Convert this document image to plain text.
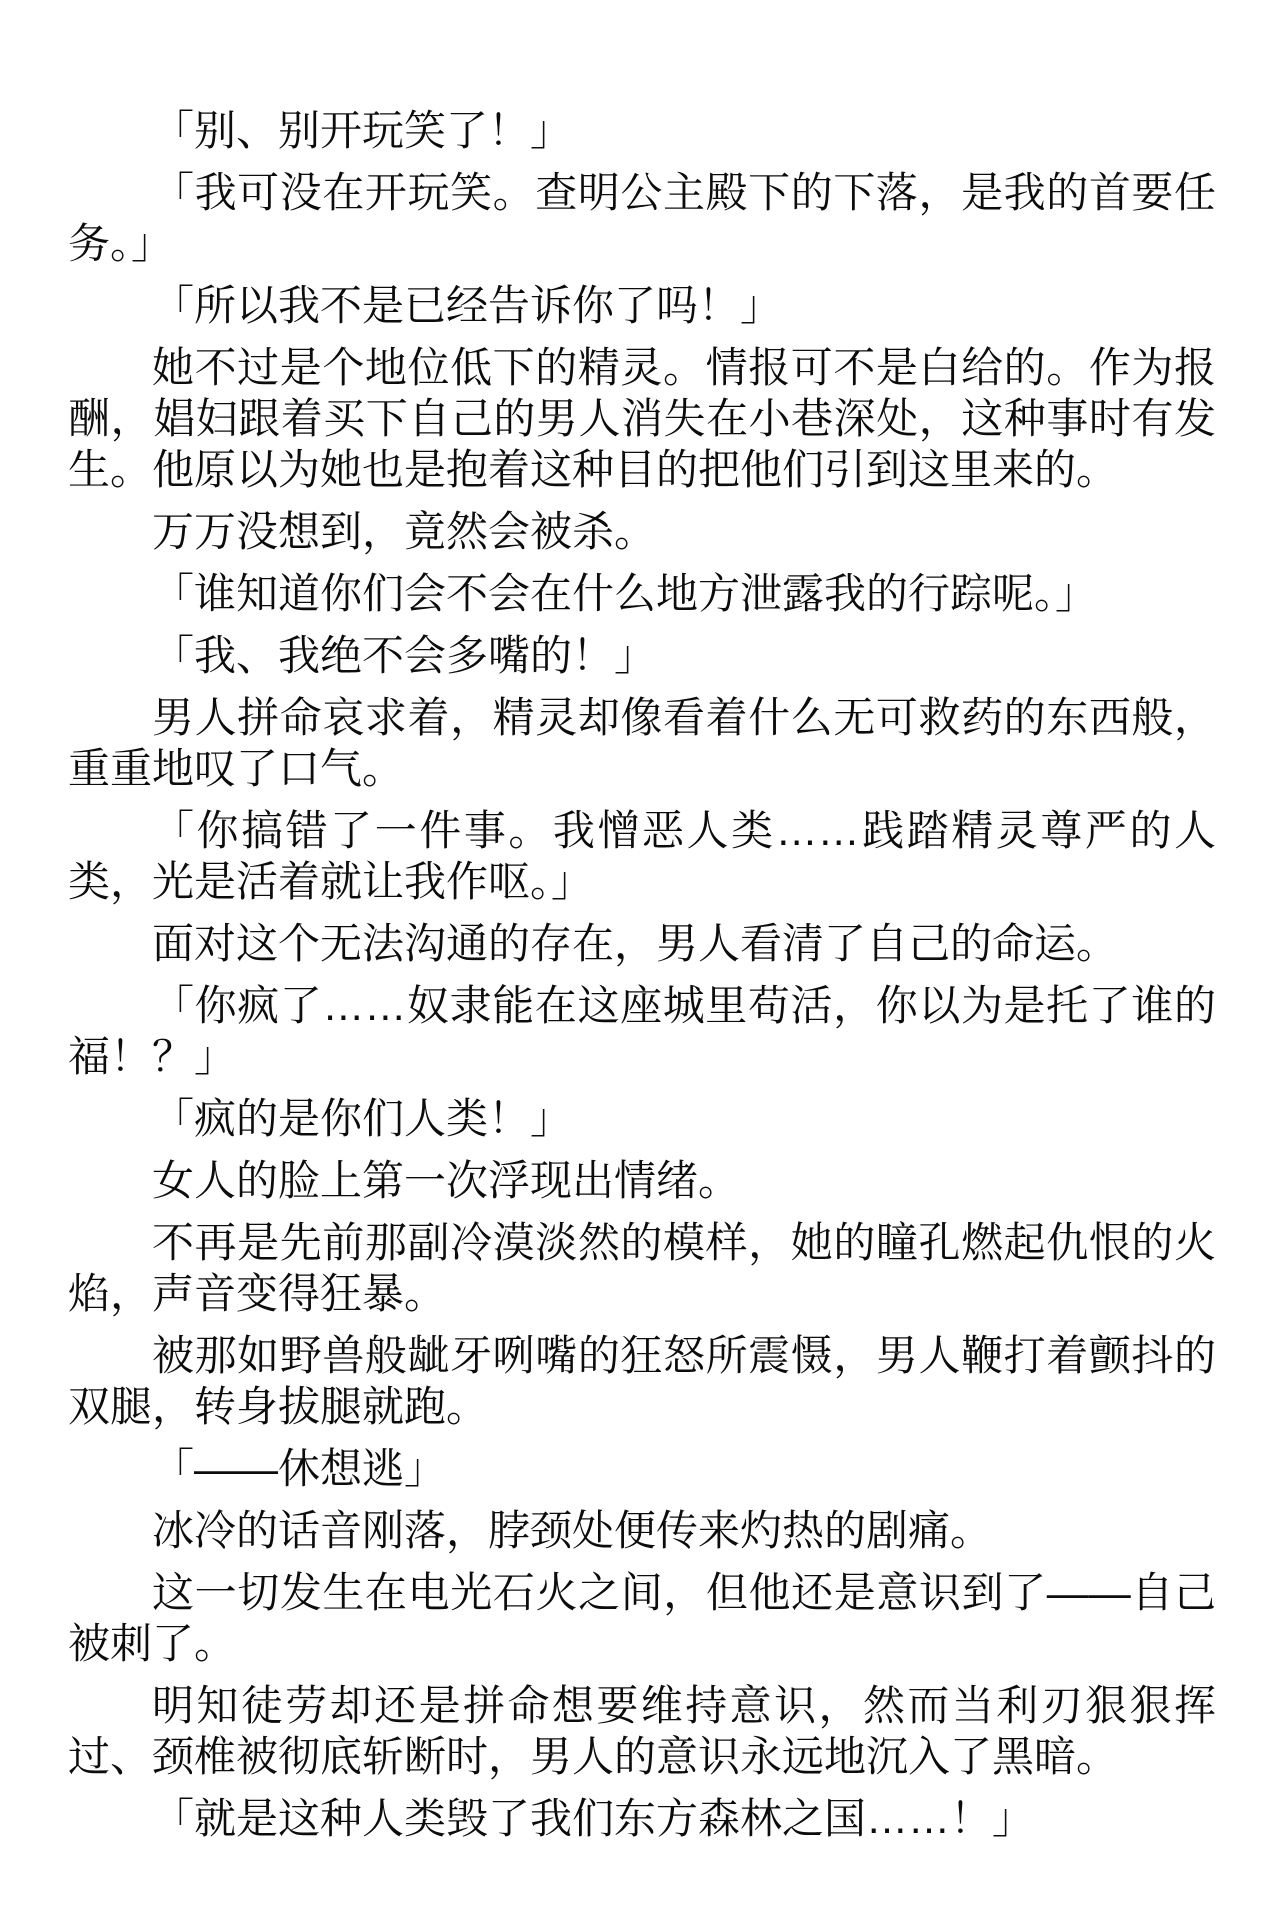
「别、别开玩笑了！」

「我可没在开玩笑。查明公主殿下的下落，是我的首要任务。」

「所以我不是已经告诉你了吗！」

她不过是个地位低下的精灵。情报可不是白给的。作为报酬，娼妇跟着买下自己的男人消失在小巷深处，这种事时有发生。他原以为她也是抱着这种目的把他们引到这里来的。

万万没想到，竟然会被杀。

「谁知道你们会不会在什么地方泄露我的行踪呢。」

「我、我绝不会多嘴的！」

男人拼命哀求着，精灵却像看着什么无可救药的东西般，重重地叹了口气。

「你搞错了一件事。我憎恶人类……践踏精灵尊严的人类，光是活着就让我作呕。」

面对这个无法沟通的存在，男人看清了自己的命运。

「你疯了……奴隶能在这座城里苟活，你以为是托了谁的福！？」

「疯的是你们人类！」

女人的脸上第一次浮现出情绪。

不再是先前那副冷漠淡然的模样，她的瞳孔燃起仇恨的火焰，声音变得狂暴。

被那如野兽般龇牙咧嘴的狂怒所震慑，男人鞭打着颤抖的双腿，转身拔腿就跑。

「——休想逃」

冰冷的话音刚落，脖颈处便传来灼热的剧痛。

这一切发生在电光石火之间，但他还是意识到了——自己被刺了。

明知徒劳却还是拼命想要维持意识，然而当利刃狠狠挥过、颈椎被彻底斩断时，男人的意识永远地沉入了黑暗。

「就是这种人类毁了我们东方森林之国……！」
